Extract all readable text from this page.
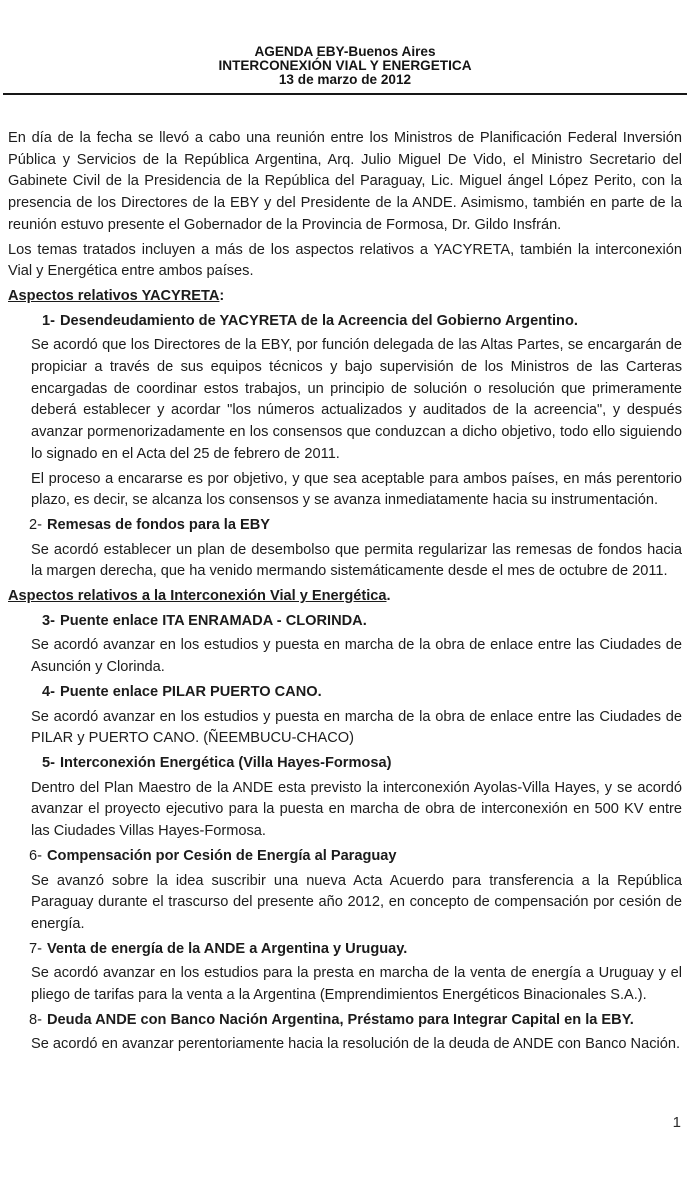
AGENDA EBY-Buenos Aires
INTERCONEXIÓN VIAL Y ENERGETICA
13 de marzo de 2012

En día de la fecha se llevó a cabo una reunión entre los Ministros de Planificación Federal Inversión Pública y Servicios de la República Argentina, Arq. Julio Miguel De Vido, el Ministro Secretario del Gabinete Civil de la Presidencia de la República del Paraguay, Lic. Miguel ángel López Perito, con la presencia de los Directores de la EBY y del Presidente de la ANDE. Asimismo, también en parte de la reunión estuvo presente el Gobernador de la Provincia de Formosa, Dr. Gildo Insfrán.

Los temas tratados incluyen a más de los aspectos relativos a YACYRETA, también la interconexión Vial y Energética entre ambos países.

Aspectos relativos YACYRETA:
1- Desendeudamiento de YACYRETA de la Acreencia del Gobierno Argentino.

Se acordó que los Directores de la EBY, por función delegada de las Altas Partes, se encargarán de propiciar a través de sus equipos técnicos y bajo supervisión de los Ministros de las Carteras encargadas de coordinar estos trabajos, un principio de solución o resolución que primeramente deberá establecer y acordar "los números actualizados y auditados de la acreencia", y después avanzar pormenorizadamente en los consensos que conduzcan a dicho objetivo, todo ello siguiendo lo signado en el Acta del 25 de febrero de 2011.

El proceso a encararse es por objetivo, y que sea aceptable para ambos países, en más perentorio plazo, es decir, se alcanza los consensos y se avanza inmediatamente hacia su instrumentación.

2- Remesas de fondos para la EBY

Se acordó establecer un plan de desembolso que permita regularizar las remesas de fondos hacia la margen derecha, que ha venido mermando sistemáticamente desde el mes de octubre de 2011.

Aspectos relativos a la Interconexión Vial y Energética.
3- Puente enlace ITA ENRAMADA - CLORINDA.

Se acordó avanzar en los estudios y puesta en marcha de la obra de enlace entre las Ciudades de Asunción y Clorinda.

4- Puente enlace PILAR PUERTO CANO.

Se acordó avanzar en los estudios y puesta en marcha de la obra de enlace entre las Ciudades de PILAR y PUERTO CANO. (ÑEEMBUCU-CHACO)

5- Interconexión Energética (Villa Hayes-Formosa)

Dentro del Plan Maestro de la ANDE esta previsto la interconexión Ayolas-Villa Hayes, y se acordó avanzar el proyecto ejecutivo para la puesta en marcha de obra de interconexión en 500 KV entre las Ciudades Villas Hayes-Formosa.

6- Compensación por Cesión de Energía al Paraguay

Se avanzó sobre la idea suscribir una nueva Acta Acuerdo para transferencia a la República Paraguay durante el trascurso del presente año 2012, en concepto de compensación por cesión de energía.

7- Venta de energía de la ANDE a Argentina y Uruguay.

Se acordó avanzar en los estudios para la presta en marcha de la venta de energía a Uruguay y el pliego de tarifas para la venta a la Argentina (Emprendimientos Energéticos Binacionales S.A.).

8- Deuda ANDE con Banco Nación Argentina, Préstamo para Integrar Capital en la EBY.

Se acordó en avanzar perentoriamente hacia la resolución de la deuda de ANDE con Banco Nación.

1
